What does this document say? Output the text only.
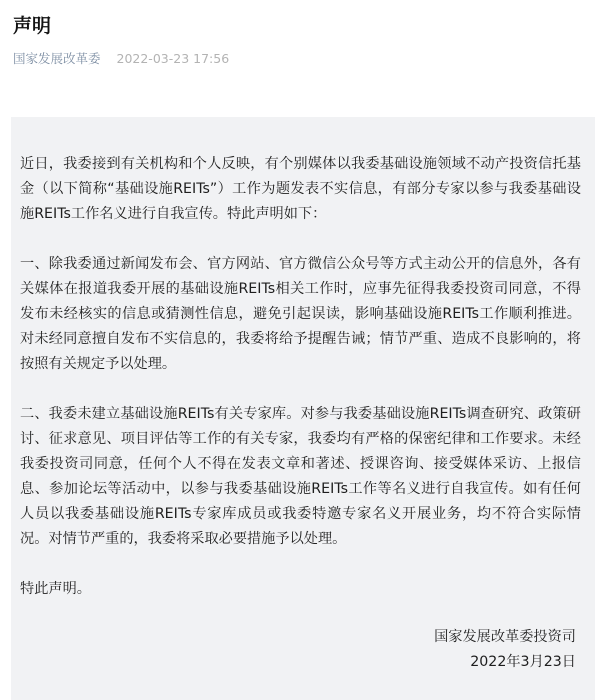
声明
国家发展改革委 2022-03-23 17:56

近日，我委接到有关机构和个人反映，有个别媒体以我委基础设施领域不动产投资信托基金（以下简称“基础设施REITs”）工作为题发表不实信息，有部分专家以参与我委基础设施REITs工作名义进行自我宣传。特此声明如下：

一、除我委通过新闻发布会、官方网站、官方微信公众号等方式主动公开的信息外，各有关媒体在报道我委开展的基础设施REITs相关工作时，应事先征得我委投资司同意，不得发布未经核实的信息或猜测性信息，避免引起误读，影响基础设施REITs工作顺利推进。对未经同意擅自发布不实信息的，我委将给予提醒告诫；情节严重、造成不良影响的，将按照有关规定予以处理。

二、我委未建立基础设施REITs有关专家库。对参与我委基础设施REITs调查研究、政策研讨、征求意见、项目评估等工作的有关专家，我委均有严格的保密纪律和工作要求。未经我委投资司同意，任何个人不得在发表文章和著述、授课咨询、接受媒体采访、上报信息、参加论坛等活动中，以参与我委基础设施REITs工作等名义进行自我宣传。如有任何人员以我委基础设施REITs专家库成员或我委特邀专家名义开展业务，均不符合实际情况。对情节严重的，我委将采取必要措施予以处理。

特此声明。

国家发展改革委投资司
2022年3月23日
